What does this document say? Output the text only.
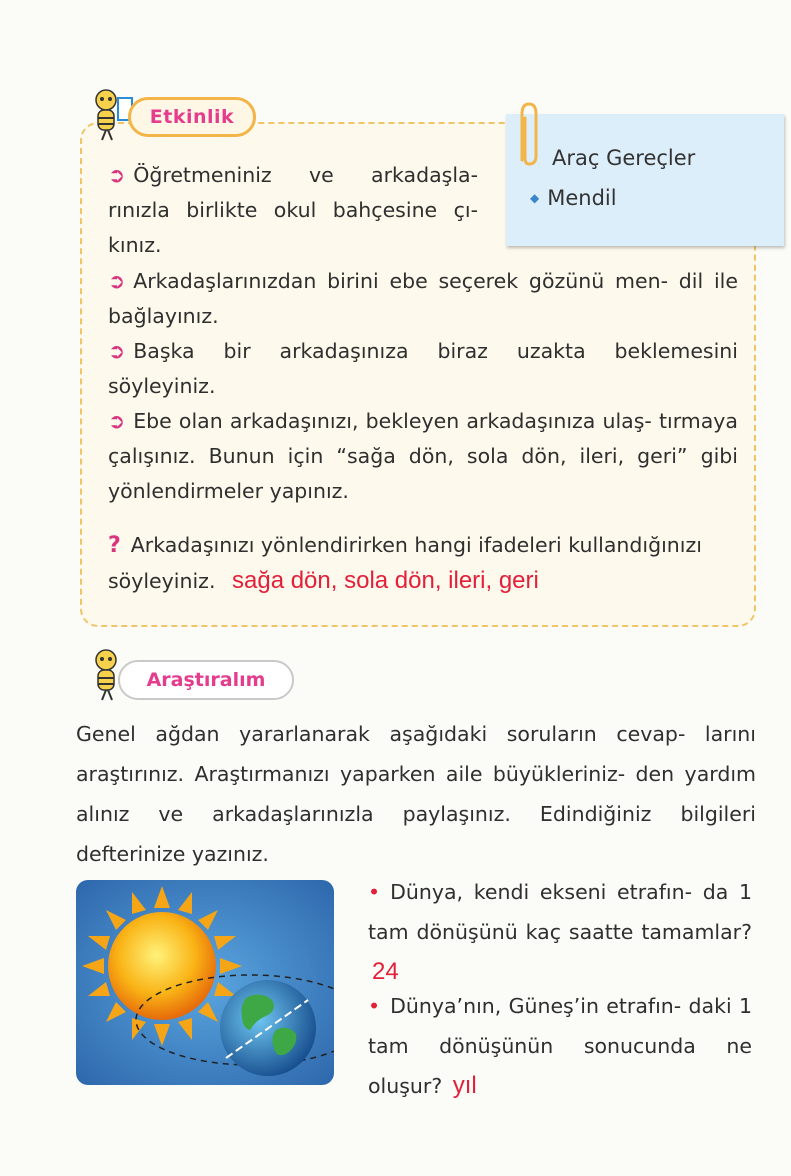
Etkinlik
Araç Gereçler
◆ Mendil
➲ Öğretmeniniz ve arkadaşla- rınızla birlikte okul bahçesine çı- kınız.
➲ Arkadaşlarınızdan birini ebe seçerek gözünü men- dil ile bağlayınız.
➲ Başka bir arkadaşınıza biraz uzakta beklemesini söyleyiniz.
➲ Ebe olan arkadaşınızı, bekleyen arkadaşınıza ulaş- tırmaya çalışınız. Bunun için “sağa dön, sola dön, ileri, geri” gibi yönlendirmeler yapınız.
? Arkadaşınızı yönlendirirken hangi ifadeleri kullandığınızı söyleyiniz. sağa dön, sola dön, ileri, geri
Araştıralım
Genel ağdan yararlanarak aşağıdaki soruların cevap- larını araştırınız. Araştırmanızı yaparken aile büyükleriniz- den yardım alınız ve arkadaşlarınızla paylaşınız. Edindiğiniz bilgileri defterinize yazınız.
• Dünya, kendi ekseni etrafın- da 1 tam dönüşünü kaç saatte tamamlar? 24
• Dünya’nın, Güneş’in etrafın- daki 1 tam dönüşünün sonucunda ne oluşur? yıl
